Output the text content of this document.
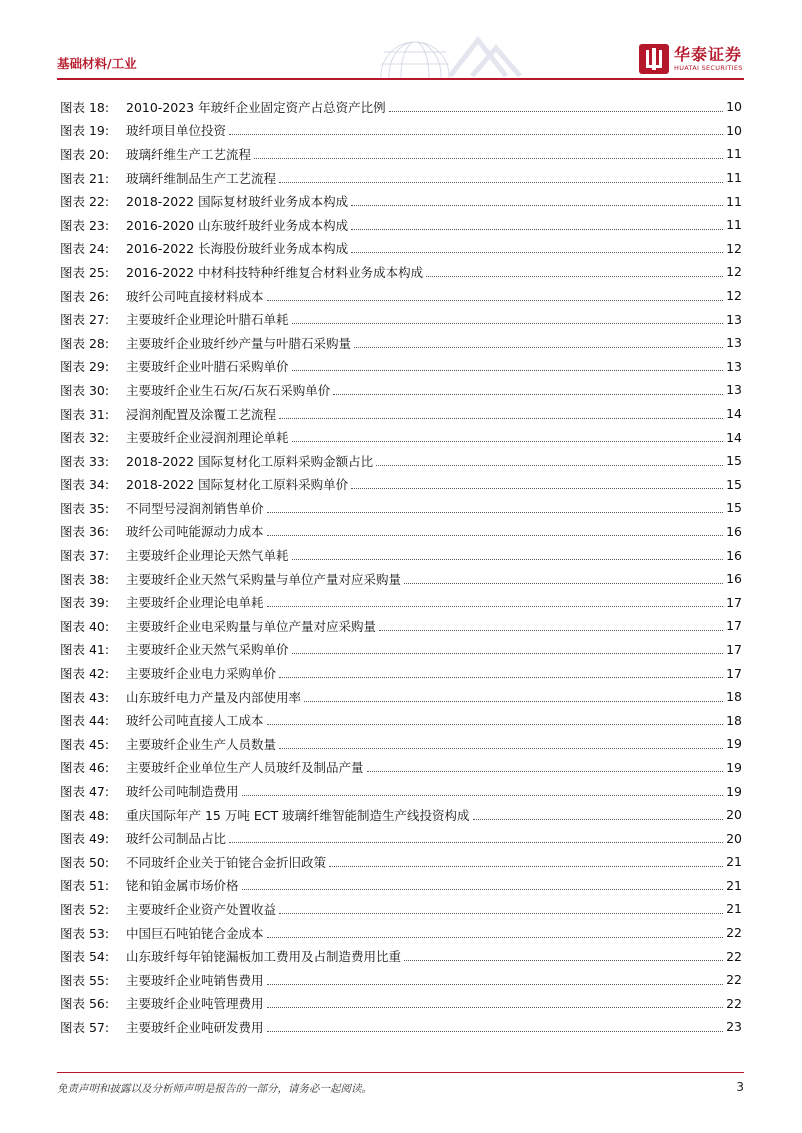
基础材料/工业	华泰证券
HUATAI SECURITIES
图表 18:	2010-2023 年玻纤企业固定资产占总资产比例	10
图表 19:	玻纤项目单位投资	10
图表 20:	玻璃纤维生产工艺流程	11
图表 21:	玻璃纤维制品生产工艺流程	11
图表 22:	2018-2022 国际复材玻纤业务成本构成	11
图表 23:	2016-2020 山东玻纤玻纤业务成本构成	11
图表 24:	2016-2022 长海股份玻纤业务成本构成	12
图表 25:	2016-2022 中材科技特种纤维复合材料业务成本构成	12
图表 26:	玻纤公司吨直接材料成本	12
图表 27:	主要玻纤企业理论叶腊石单耗	13
图表 28:	主要玻纤企业玻纤纱产量与叶腊石采购量	13
图表 29:	主要玻纤企业叶腊石采购单价	13
图表 30:	主要玻纤企业生石灰/石灰石采购单价	13
图表 31:	浸润剂配置及涂覆工艺流程	14
图表 32:	主要玻纤企业浸润剂理论单耗	14
图表 33:	2018-2022 国际复材化工原料采购金额占比	15
图表 34:	2018-2022 国际复材化工原料采购单价	15
图表 35:	不同型号浸润剂销售单价	15
图表 36:	玻纤公司吨能源动力成本	16
图表 37:	主要玻纤企业理论天然气单耗	16
图表 38:	主要玻纤企业天然气采购量与单位产量对应采购量	16
图表 39:	主要玻纤企业理论电单耗	17
图表 40:	主要玻纤企业电采购量与单位产量对应采购量	17
图表 41:	主要玻纤企业天然气采购单价	17
图表 42:	主要玻纤企业电力采购单价	17
图表 43:	山东玻纤电力产量及内部使用率	18
图表 44:	玻纤公司吨直接人工成本	18
图表 45:	主要玻纤企业生产人员数量	19
图表 46:	主要玻纤企业单位生产人员玻纤及制品产量	19
图表 47:	玻纤公司吨制造费用	19
图表 48:	重庆国际年产 15 万吨 ECT 玻璃纤维智能制造生产线投资构成	20
图表 49:	玻纤公司制品占比	20
图表 50:	不同玻纤企业关于铂铑合金折旧政策	21
图表 51:	铑和铂金属市场价格	21
图表 52:	主要玻纤企业资产处置收益	21
图表 53:	中国巨石吨铂铑合金成本	22
图表 54:	山东玻纤每年铂铑漏板加工费用及占制造费用比重	22
图表 55:	主要玻纤企业吨销售费用	22
图表 56:	主要玻纤企业吨管理费用	22
图表 57:	主要玻纤企业吨研发费用	23
免责声明和披露以及分析师声明是报告的一部分，请务必一起阅读。	3
